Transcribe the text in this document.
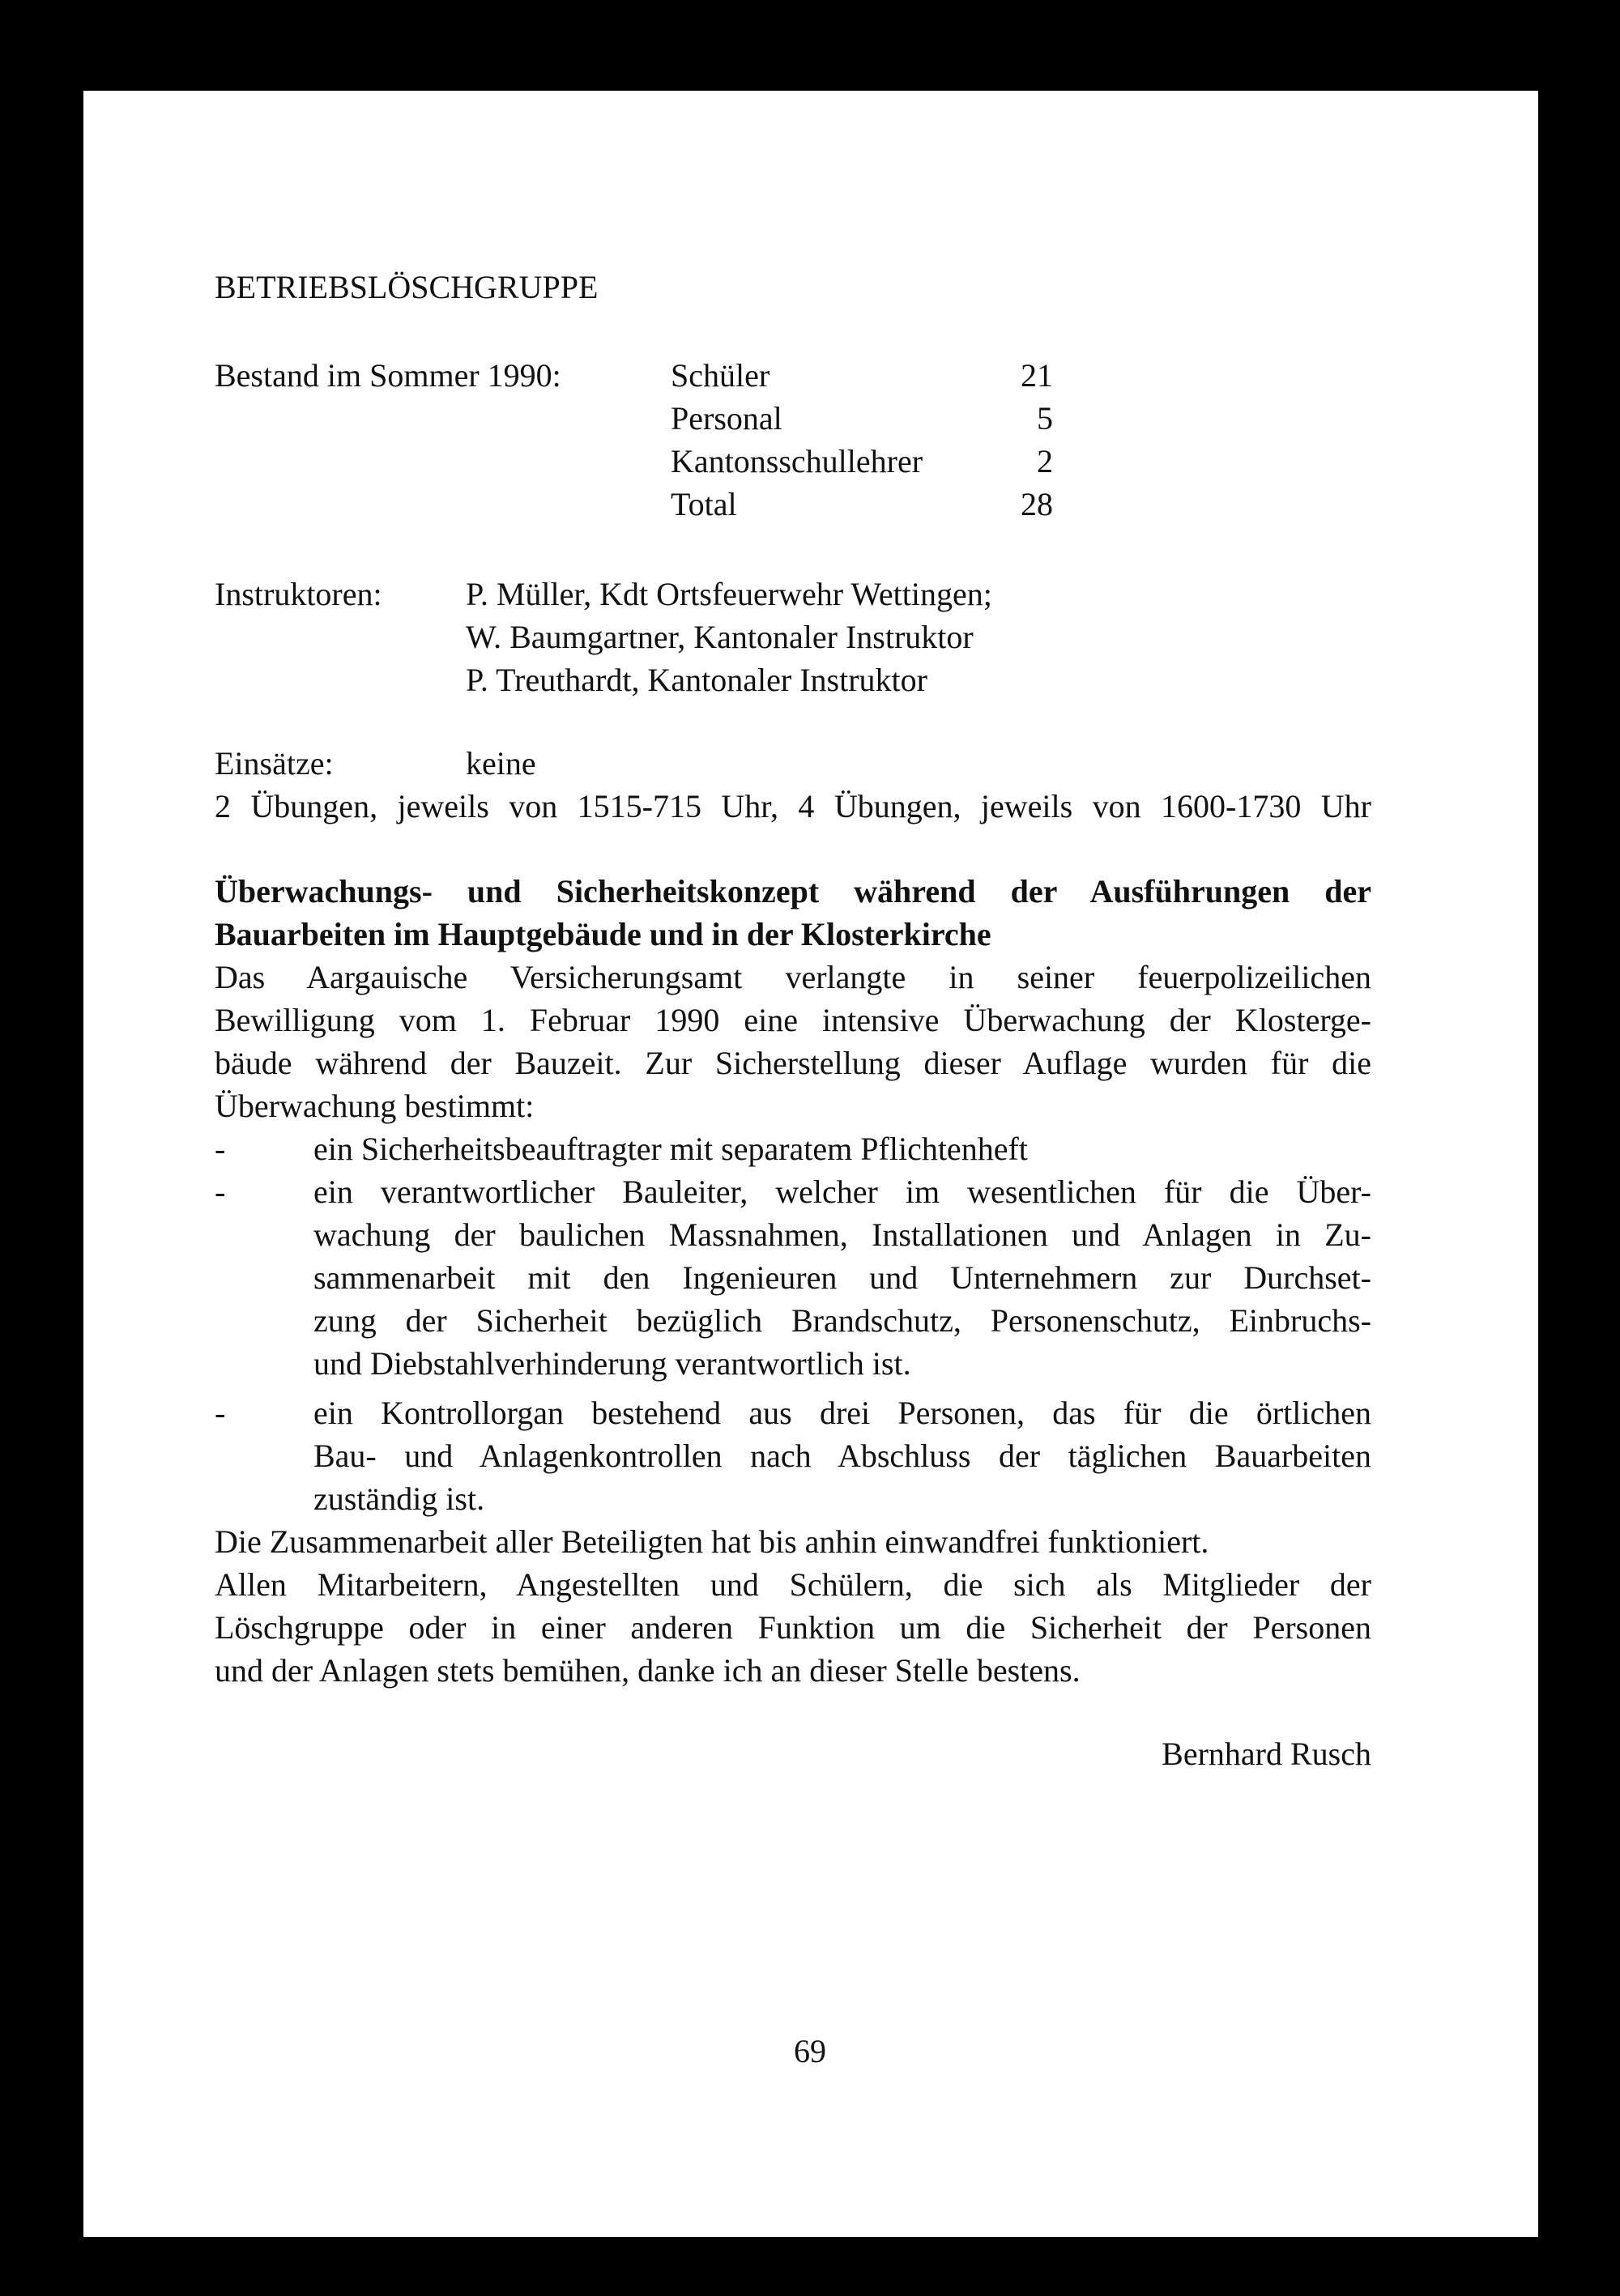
BETRIEBSLÖSCHGRUPPE
Bestand im Sommer 1990:	Schüler	21
Personal	5
Kantonsschullehrer	2
Total	28
Instruktoren:	P. Müller, Kdt Ortsfeuerwehr Wettingen;
W. Baumgartner, Kantonaler Instruktor
P. Treuthardt, Kantonaler Instruktor
Einsätze:	keine
2 Übungen, jeweils von 1515-715 Uhr, 4 Übungen, jeweils von 1600-1730 Uhr
Überwachungs- und Sicherheitskonzept während der Ausführungen der
Bauarbeiten im Hauptgebäude und in der Klosterkirche
Das Aargauische Versicherungsamt verlangte in seiner feuerpolizeilichen
Bewilligung vom 1. Februar 1990 eine intensive Überwachung der Klosterge-
bäude während der Bauzeit. Zur Sicherstellung dieser Auflage wurden für die
Überwachung bestimmt:
-	ein Sicherheitsbeauftragter mit separatem Pflichtenheft
-	ein verantwortlicher Bauleiter, welcher im wesentlichen für die Über-
wachung der baulichen Massnahmen, Installationen und Anlagen in Zu-
sammenarbeit mit den Ingenieuren und Unternehmern zur Durchset-
zung der Sicherheit bezüglich Brandschutz, Personenschutz, Einbruchs-
und Diebstahlverhinderung verantwortlich ist.
-	ein Kontrollorgan bestehend aus drei Personen, das für die örtlichen
Bau- und Anlagenkontrollen nach Abschluss der täglichen Bauarbeiten
zuständig ist.
Die Zusammenarbeit aller Beteiligten hat bis anhin einwandfrei funktioniert.
Allen Mitarbeitern, Angestellten und Schülern, die sich als Mitglieder der
Löschgruppe oder in einer anderen Funktion um die Sicherheit der Personen
und der Anlagen stets bemühen, danke ich an dieser Stelle bestens.
Bernhard Rusch
69
